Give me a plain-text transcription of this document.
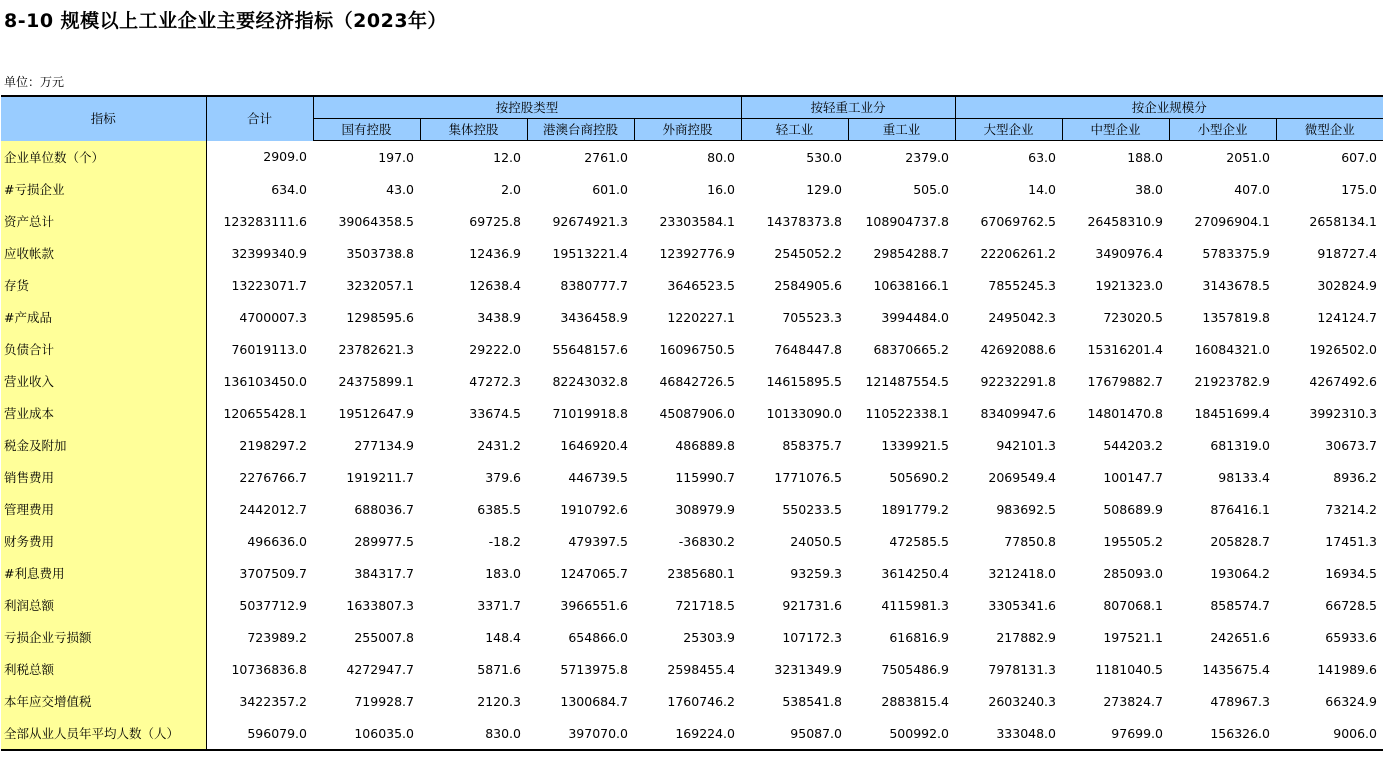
8-10 规模以上工业企业主要经济指标（2023年）
单位：万元
指标	合计	按控股类型				按轻重工业分		按企业规模分			
		国有控股	集体控股	港澳台商控股	外商控股	轻工业	重工业	大型企业	中型企业	小型企业	微型企业
企业单位数（个）	2909.0	197.0	12.0	2761.0	80.0	530.0	2379.0	63.0	188.0	2051.0	607.0
#亏损企业	634.0	43.0	2.0	601.0	16.0	129.0	505.0	14.0	38.0	407.0	175.0
资产总计	123283111.6	39064358.5	69725.8	92674921.3	23303584.1	14378373.8	108904737.8	67069762.5	26458310.9	27096904.1	2658134.1
应收帐款	32399340.9	3503738.8	12436.9	19513221.4	12392776.9	2545052.2	29854288.7	22206261.2	3490976.4	5783375.9	918727.4
存货	13223071.7	3232057.1	12638.4	8380777.7	3646523.5	2584905.6	10638166.1	7855245.3	1921323.0	3143678.5	302824.9
#产成品	4700007.3	1298595.6	3438.9	3436458.9	1220227.1	705523.3	3994484.0	2495042.3	723020.5	1357819.8	124124.7
负债合计	76019113.0	23782621.3	29222.0	55648157.6	16096750.5	7648447.8	68370665.2	42692088.6	15316201.4	16084321.0	1926502.0
营业收入	136103450.0	24375899.1	47272.3	82243032.8	46842726.5	14615895.5	121487554.5	92232291.8	17679882.7	21923782.9	4267492.6
营业成本	120655428.1	19512647.9	33674.5	71019918.8	45087906.0	10133090.0	110522338.1	83409947.6	14801470.8	18451699.4	3992310.3
税金及附加	2198297.2	277134.9	2431.2	1646920.4	486889.8	858375.7	1339921.5	942101.3	544203.2	681319.0	30673.7
销售费用	2276766.7	1919211.7	379.6	446739.5	115990.7	1771076.5	505690.2	2069549.4	100147.7	98133.4	8936.2
管理费用	2442012.7	688036.7	6385.5	1910792.6	308979.9	550233.5	1891779.2	983692.5	508689.9	876416.1	73214.2
财务费用	496636.0	289977.5	-18.2	479397.5	-36830.2	24050.5	472585.5	77850.8	195505.2	205828.7	17451.3
#利息费用	3707509.7	384317.7	183.0	1247065.7	2385680.1	93259.3	3614250.4	3212418.0	285093.0	193064.2	16934.5
利润总额	5037712.9	1633807.3	3371.7	3966551.6	721718.5	921731.6	4115981.3	3305341.6	807068.1	858574.7	66728.5
亏损企业亏损额	723989.2	255007.8	148.4	654866.0	25303.9	107172.3	616816.9	217882.9	197521.1	242651.6	65933.6
利税总额	10736836.8	4272947.7	5871.6	5713975.8	2598455.4	3231349.9	7505486.9	7978131.3	1181040.5	1435675.4	141989.6
本年应交增值税	3422357.2	719928.7	2120.3	1300684.7	1760746.2	538541.8	2883815.4	2603240.3	273824.7	478967.3	66324.9
全部从业人员年平均人数（人）	596079.0	106035.0	830.0	397070.0	169224.0	95087.0	500992.0	333048.0	97699.0	156326.0	9006.0
